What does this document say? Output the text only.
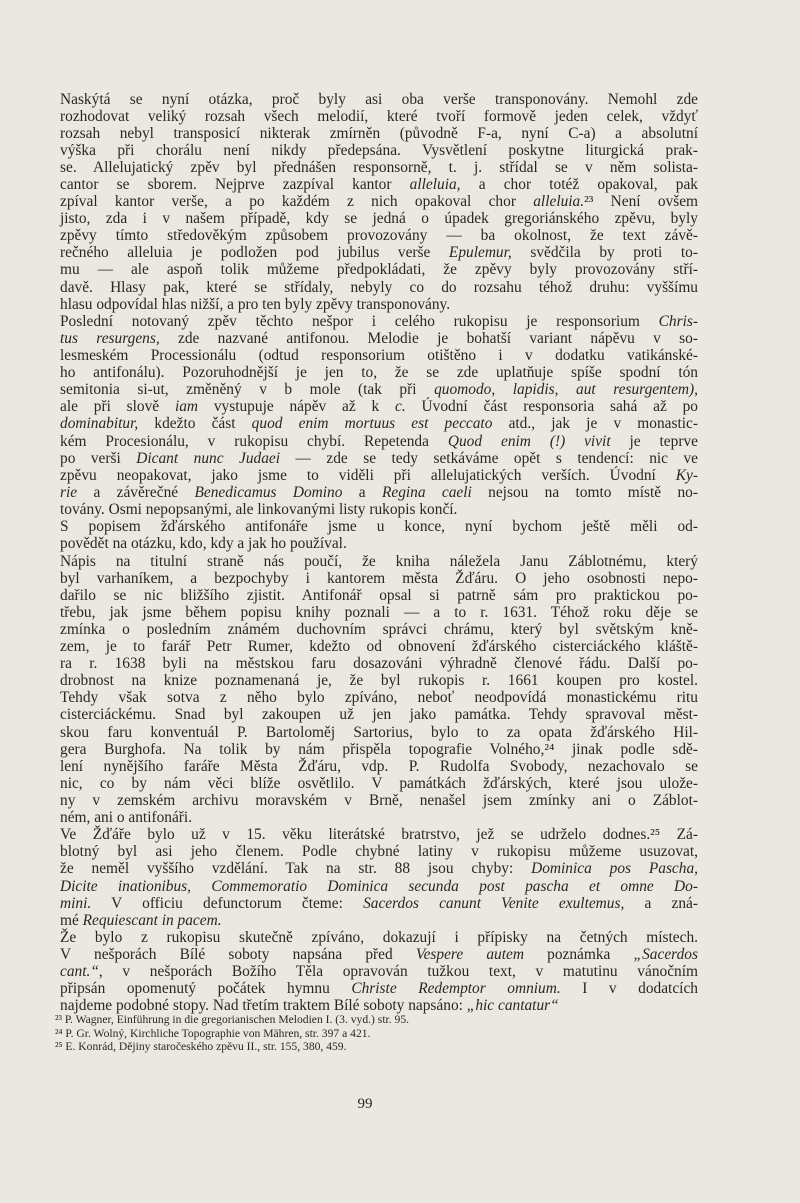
Naskýtá se nyní otázka, proč byly asi oba verše transponovány. Nemohl zde
rozhodovat veliký rozsah všech melodií, které tvoří formově jeden celek, vždyť
rozsah nebyl transposicí nikterak zmírněn (původně F-a, nyní C-a) a absolutní
výška při chorálu není nikdy předepsána. Vysvětlení poskytne liturgická prak-
se. Allelujatický zpěv byl přednášen responsorně, t. j. střídal se v něm solista-
cantor se sborem. Nejprve zazpíval kantor alleluia, a chor totéž opakoval, pak
zpíval kantor verše, a po každém z nich opakoval chor alleluia.²³ Není ovšem
jisto, zda i v našem případě, kdy se jedná o úpadek gregoriánského zpěvu, byly
zpěvy tímto středověkým způsobem provozovány — ba okolnost, že text závě-
rečného alleluia je podložen pod jubilus verše Epulemur, svědčila by proti to-
mu — ale aspoň tolik můžeme předpokládati, že zpěvy byly provozovány stří-
davě. Hlasy pak, které se střídaly, nebyly co do rozsahu téhož druhu: vyššímu
hlasu odpovídal hlas nižší, a pro ten byly zpěvy transponovány.
Poslední notovaný zpěv těchto nešpor i celého rukopisu je responsorium Chris-
tus resurgens, zde nazvané antifonou. Melodie je bohatší variant nápěvu v so-
lesmeském Processionálu (odtud responsorium otištěno i v dodatku vatikánské-
ho antifonálu). Pozoruhodnější je jen to, že se zde uplatňuje spíše spodní tón
semitonia si-ut, změněný v b mole (tak při quomodo, lapidis, aut resurgentem),
ale při slově iam vystupuje nápěv až k c. Úvodní část responsoria sahá až po
dominabitur, kdežto část quod enim mortuus est peccato atd., jak je v monastic-
kém Procesionálu, v rukopisu chybí. Repetenda Quod enim (!) vivit je teprve
po verši Dicant nunc Judaei — zde se tedy setkáváme opět s tendencí: nic ve
zpěvu neopakovat, jako jsme to viděli při allelujatických verších. Úvodní Ky-
rie a závěrečné Benedicamus Domino a Regina caeli nejsou na tomto místě no-
továny. Osmi nepopsanými, ale linkovanými listy rukopis končí.
S popisem žďárského antifonáře jsme u konce, nyní bychom ještě měli od-
povědět na otázku, kdo, kdy a jak ho používal.
Nápis na titulní straně nás poučí, že kniha náležela Janu Záblotnému, který
byl varhaníkem, a bezpochyby i kantorem města Žďáru. O jeho osobnosti nepo-
dařilo se nic bližšího zjistit. Antifonář opsal si patrně sám pro praktickou po-
třebu, jak jsme během popisu knihy poznali — a to r. 1631. Téhož roku děje se
zmínka o posledním známém duchovním správci chrámu, který byl světským kně-
zem, je to farář Petr Rumer, kdežto od obnovení žďárského cisterciáckého kláště-
ra r. 1638 byli na městskou faru dosazováni výhradně členové řádu. Další po-
drobnost na knize poznamenaná je, že byl rukopis r. 1661 koupen pro kostel.
Tehdy však sotva z něho bylo zpíváno, neboť neodpovídá monastickému ritu
cisterciáckému. Snad byl zakoupen už jen jako památka. Tehdy spravoval měst-
skou faru konventuál P. Bartoloměj Sartorius, bylo to za opata žďárského Hil-
gera Burghofa. Na tolik by nám přispěla topografie Volného,²⁴ jinak podle sdě-
lení nynějšího faráře Města Žďáru, vdp. P. Rudolfa Svobody, nezachovalo se
nic, co by nám věci blíže osvětlilo. V památkách žďárských, které jsou ulože-
ny v zemském archivu moravském v Brně, nenašel jsem zmínky ani o Záblot-
ném, ani o antifonáři.
Ve Žďáře bylo už v 15. věku literátské bratrstvo, jež se udrželo dodnes.²⁵ Zá-
blotný byl asi jeho členem. Podle chybné latiny v rukopisu můžeme usuzovat,
že neměl vyššího vzdělání. Tak na str. 88 jsou chyby: Dominica pos Pascha,
Dicite inationibus, Commemoratio Dominica secunda post pascha et omne Do-
mini. V officiu defunctorum čteme: Sacerdos canunt Venite exultemus, a zná-
mé Requiescant in pacem.
Že bylo z rukopisu skutečně zpíváno, dokazují i přípisky na četných místech.
V nešporách Bílé soboty napsána před Vespere autem poznámka „Sacerdos
cant.“, v nešporách Božího Těla opravován tužkou text, v matutinu vánočním
připsán opomenutý počátek hymnu Christe Redemptor omnium. I v dodatcích
najdeme podobné stopy. Nad třetím traktem Bílé soboty napsáno: „hic cantatur“
²³ P. Wagner, Einführung in die gregorianischen Melodien I. (3. vyd.) str. 95.
²⁴ P. Gr. Wolný, Kirchliche Topographie von Mähren, str. 397 a 421.
²⁵ E. Konrád, Dějiny staročeského zpěvu II., str. 155, 380, 459.
99
